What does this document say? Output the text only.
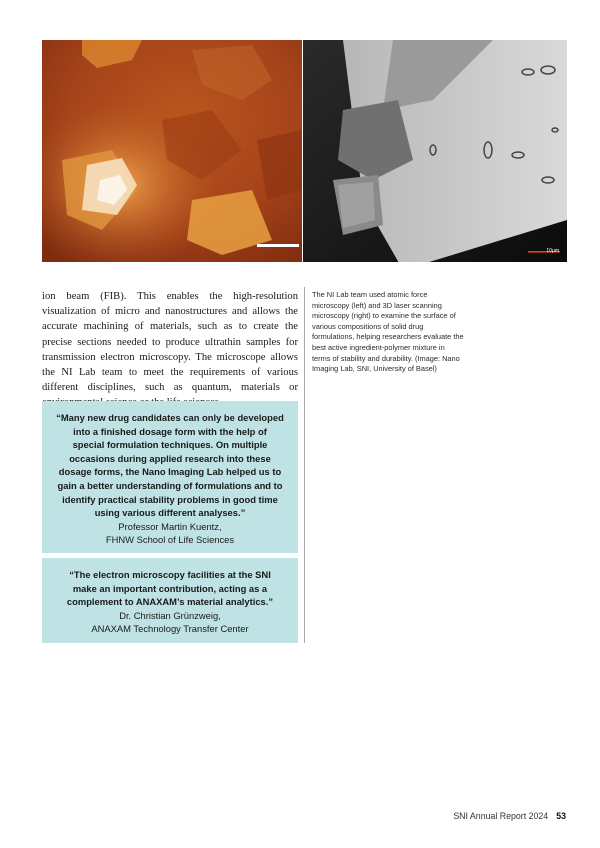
10µm

ion beam (FIB). This enables the high-resolution visualization of micro and nanostructures and allows the accurate machining of materials, such as to create the precise sections needed to produce ultrathin samples for transmission electron microscopy. The microscope allows the NI Lab team to meet the requirements of various different disciplines, such as quantum, materials or

The NI Lab team used atomic force microscopy (left) and 3D laser scanning microscopy (right) to examine the surface of various compositions of solid drug formulations, helping researchers evaluate the best active ingredient-polymer mixture in terms of stability and durability. (Image: Nano Imaging Lab, SNI, University of Basel)
“Many new drug candidates can only be developed into a finished dosage form with the help of special formulation techniques. On multiple occasions during applied research into these dosage forms, the Nano Imaging Lab helped us to gain a better understanding of formulations and to identify practical stability problems in good time using various different analyses.”
Professor Martin Kuentz,
FHNW School of Life Sciences
“The electron microscopy facilities at the SNI make an important contribution, acting as a complement to ANAXAM’s material analytics.”
Dr. Christian Grünzweig,
ANAXAM Technology Transfer Center
SNI Annual Report 2024 53
